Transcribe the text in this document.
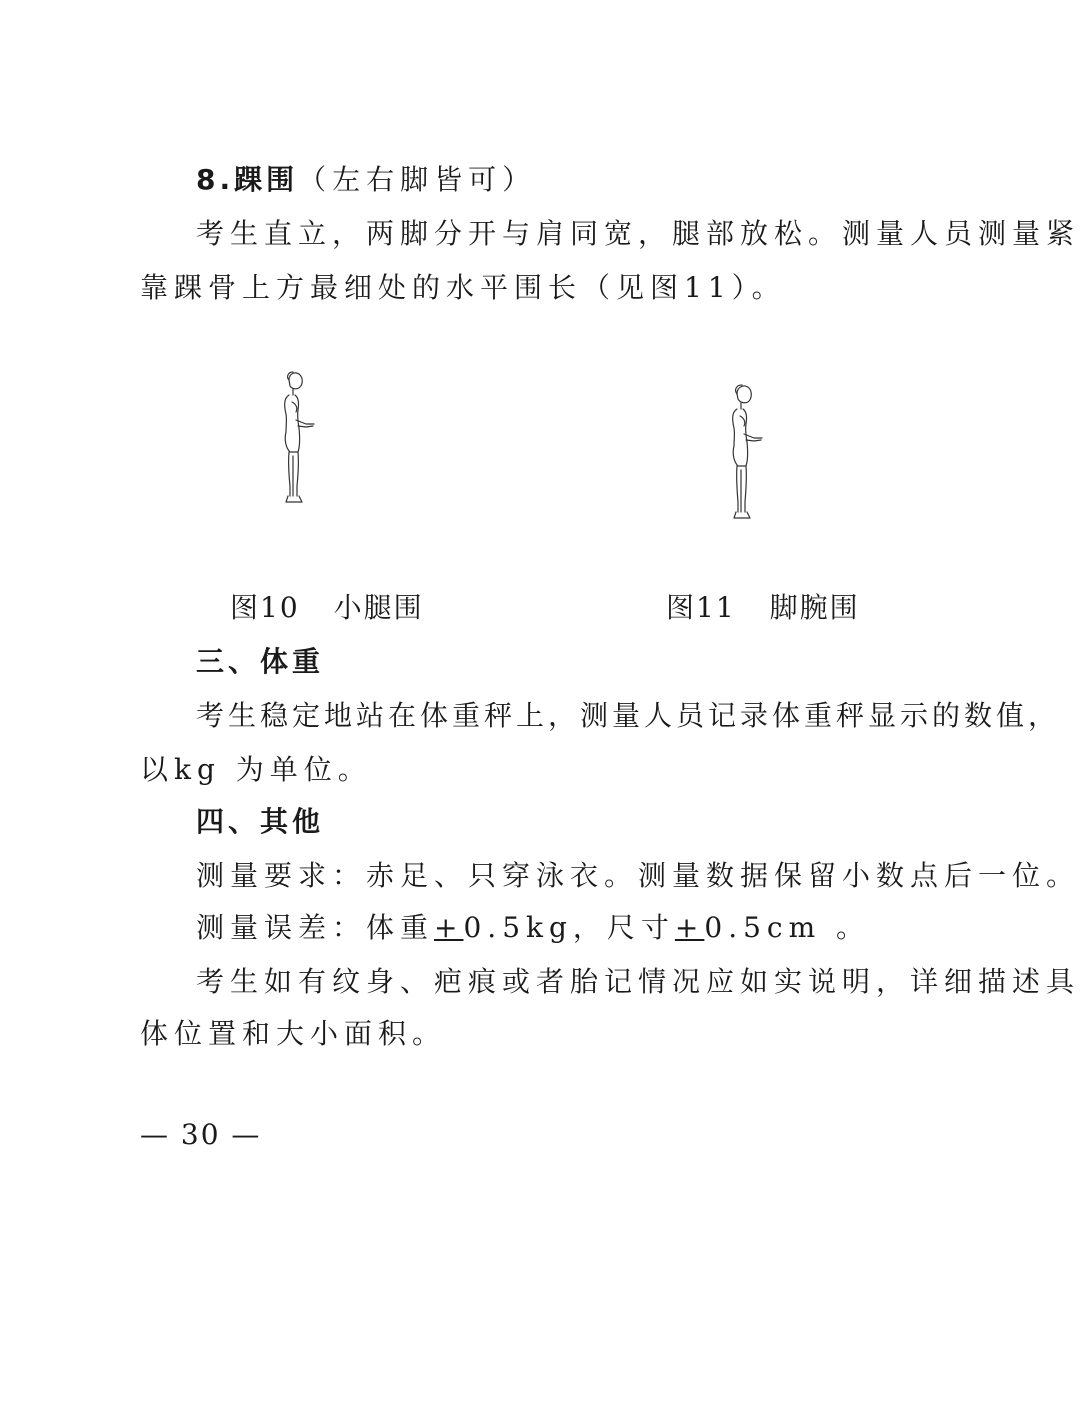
8.踝围（左右脚皆可）
考生直立，两脚分开与肩同宽，腿部放松。测量人员测量紧
靠踝骨上方最细处的水平围长（见图11）。
图10 小腿围	图11 脚腕围
三、体重
考生稳定地站在体重秤上，测量人员记录体重秤显示的数值，
以kg 为单位。
四、其他
测量要求：赤足、只穿泳衣。测量数据保留小数点后一位。
测量误差：体重+0.5kg，尺寸+0.5cm 。
考生如有纹身、疤痕或者胎记情况应如实说明，详细描述具
体位置和大小面积。
— 30 —
